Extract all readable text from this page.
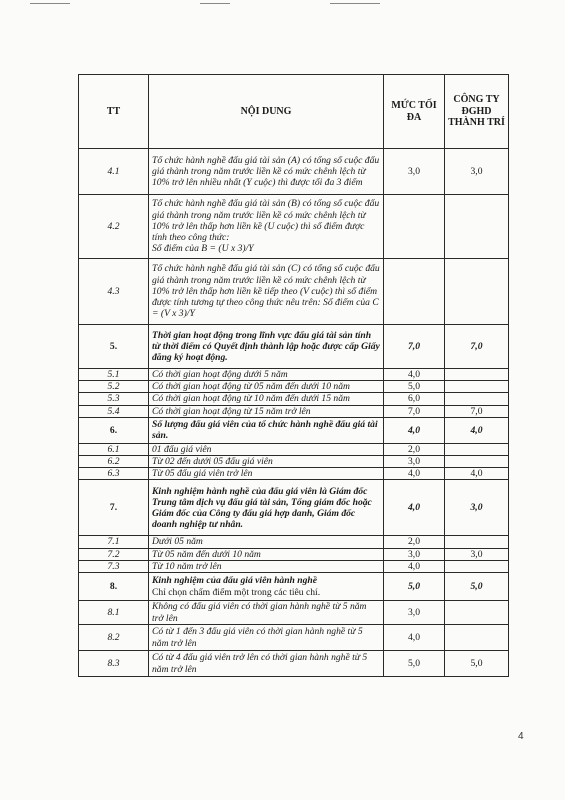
TT	NỘI DUNG	MỨC TỐI ĐA	CÔNG TY ĐGHD THÀNH TRÍ
4.1	Tổ chức hành nghề đấu giá tài sản (A) có tổng số cuộc đấu giá thành trong năm trước liền kề có mức chênh lệch từ 10% trở lên nhiều nhất (Y cuộc) thì được tối đa 3 điểm	3,0	3,0
4.2	Tổ chức hành nghề đấu giá tài sản (B) có tổng số cuộc đấu giá thành trong năm trước liền kề có mức chênh lệch từ 10% trở lên thấp hơn liền kề (U cuộc) thì số điểm được tính theo công thức:
Số điểm của B = (U x 3)/Y		
4.3	Tổ chức hành nghề đấu giá tài sản (C) có tổng số cuộc đấu giá thành trong năm trước liền kề có mức chênh lệch từ 10% trở lên thấp hơn liền kề tiếp theo (V cuộc) thì số điểm được tính tương tự theo công thức nêu trên: Số điểm của C = (V x 3)/Y		
5.	Thời gian hoạt động trong lĩnh vực đấu giá tài sản tính từ thời điểm có Quyết định thành lập hoặc được cấp Giấy đăng ký hoạt động.	7,0	7,0
5.1	Có thời gian hoạt động dưới 5 năm	4,0	
5.2	Có thời gian hoạt động từ 05 năm đến dưới 10 năm	5,0	
5.3	Có thời gian hoạt động từ 10 năm đến dưới 15 năm	6,0	
5.4	Có thời gian hoạt động từ 15 năm trở lên	7,0	7,0
6.	Số lượng đấu giá viên của tổ chức hành nghề đấu giá tài sản.	4,0	4,0
6.1	01 đấu giá viên	2,0	
6.2	Từ 02 đến dưới 05 đấu giá viên	3,0	
6.3	Từ 05 đấu giá viên trở lên	4,0	4,0
7.	Kinh nghiệm hành nghề của đấu giá viên là Giám đốc Trung tâm dịch vụ đấu giá tài sản, Tổng giám đốc hoặc Giám đốc của Công ty đấu giá hợp danh, Giám đốc doanh nghiệp tư nhân.	4,0	3,0
7.1	Dưới 05 năm	2,0	
7.2	Từ 05 năm đến dưới 10 năm	3,0	3,0
7.3	Từ 10 năm trở lên	4,0	
8.	Kinh nghiệm của đấu giá viên hành nghề
Chỉ chọn chấm điểm một trong các tiêu chí.	5,0	5,0
8.1	Không có đấu giá viên có thời gian hành nghề từ 5 năm trở lên	3,0	
8.2	Có từ 1 đến 3 đấu giá viên có thời gian hành nghề từ 5 năm trở lên	4,0	
8.3	Có từ 4 đấu giá viên trở lên có thời gian hành nghề từ 5 năm trở lên	5,0	5,0
4
